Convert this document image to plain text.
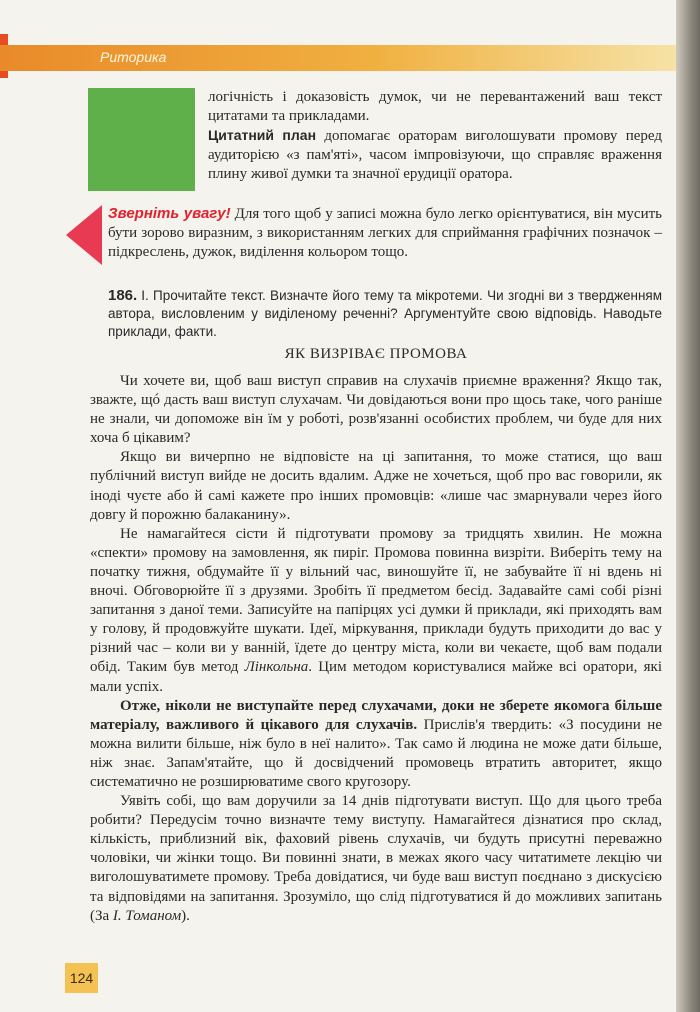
Риторика

логічність і доказовість думок, чи не перевантажений ваш текст цитатами та прикладами.

Цитатний план допомагає ораторам виголошувати промову перед аудиторією «з пам'яті», часом імпровізуючи, що справляє враження плину живої думки та значної ерудиції оратора.

Зверніть увагу! Для того щоб у записі можна було легко орієнтуватися, він мусить бути зорово виразним, з використанням легких для сприймання графічних позначок – підкреслень, дужок, виділення кольором тощо.
186. І. Прочитайте текст. Визначте його тему та мікротеми. Чи згодні ви з твердженням автора, висловленим у виділеному реченні? Аргументуйте свою відповідь. Наводьте приклади, факти.
ЯК ВИЗРІВАЄ ПРОМОВА

Чи хочете ви, щоб ваш виступ справив на слухачів приємне враження? Якщо так, зважте, щó дасть ваш виступ слухачам. Чи довідаються вони про щось таке, чого раніше не знали, чи допоможе він їм у роботі, розв'язанні особистих проблем, чи буде для них хоча б цікавим?

Якщо ви вичерпно не відповісте на ці запитання, то може статися, що ваш публічний виступ вийде не досить вдалим. Адже не хочеться, щоб про вас говорили, як іноді чуєте або й самі кажете про інших промовців: «лише час змарнували через його довгу й порожню балаканину».

Не намагайтеся сісти й підготувати промову за тридцять хвилин. Не можна «спекти» промову на замовлення, як пиріг. Промова повинна визріти. Виберіть тему на початку тижня, обдумайте її у вільний час, виношуйте її, не забувайте її ні вдень ні вночі. Обговорюйте її з друзями. Зробіть її предметом бесід. Задавайте самі собі різні запитання з даної теми. Записуйте на папірцях усі думки й приклади, які приходять вам у голову, й продовжуйте шукати. Ідеї, міркування, приклади будуть приходити до вас у різний час – коли ви у ванній, їдете до центру міста, коли ви чекаєте, щоб вам подали обід. Таким був метод Лінкольна. Цим методом користувалися майже всі оратори, які мали успіх.

Отже, ніколи не виступайте перед слухачами, доки не зберете якомога більше матеріалу, важливого й цікавого для слухачів. Прислів'я твердить: «З посудини не можна вилити більше, ніж було в неї налито». Так само й людина не може дати більше, ніж знає. Запам'ятайте, що й досвідчений промовець втратить авторитет, якщо систематично не розширюватиме свого кругозору.

Уявіть собі, що вам доручили за 14 днів підготувати виступ. Що для цього треба робити? Передусім точно визначте тему виступу. Намагайтеся дізнатися про склад, кількість, приблизний вік, фаховий рівень слухачів, чи будуть присутні переважно чоловіки, чи жінки тощо. Ви повинні знати, в межах якого часу читатимете лекцію чи виголошуватимете промову. Треба довідатися, чи буде ваш виступ поєднано з дискусією та відповідями на запитання. Зрозуміло, що слід підготуватися й до можливих запитань (За І. Томаном).

124
